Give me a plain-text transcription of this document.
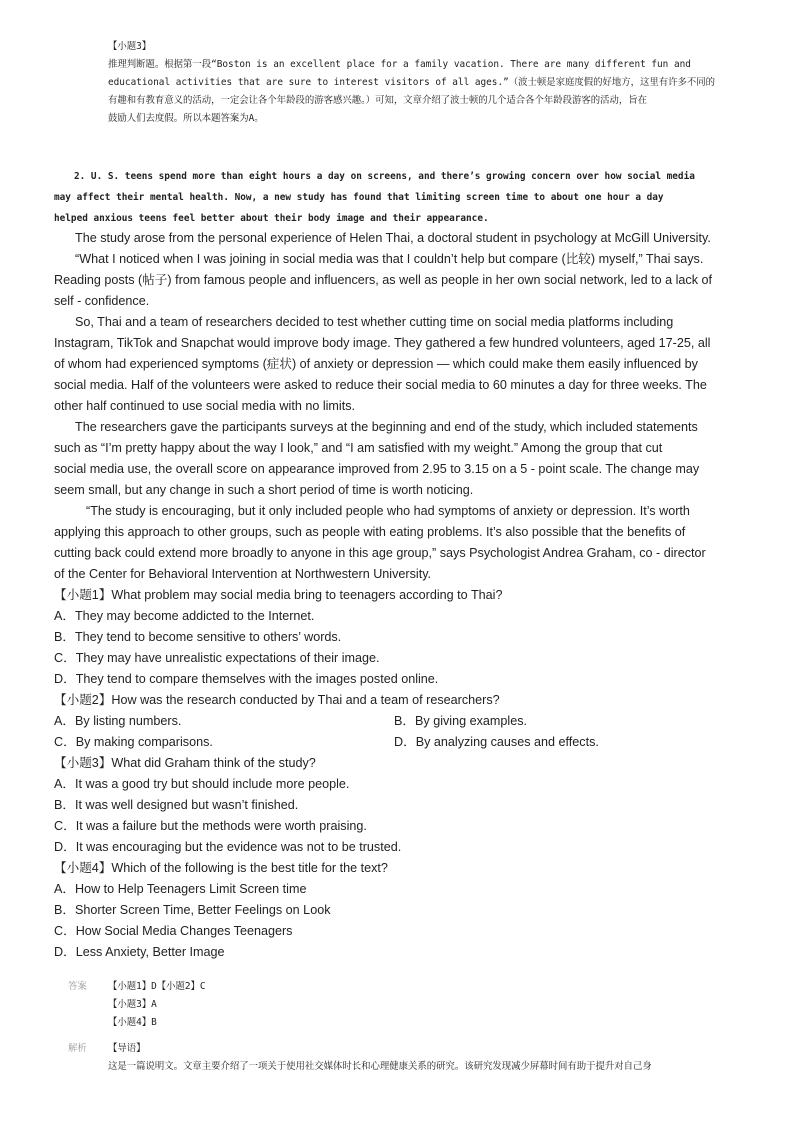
【小题3】
推理判断题。根据第一段“Boston is an excellent place for a family vacation. There are many different fun and
educational activities that are sure to interest visitors of all ages.”（波士顿是家庭度假的好地方，这里有许多不同的
有趣和有教育意义的活动，一定会让各个年龄段的游客感兴趣。）可知，文章介绍了波士顿的几个适合各个年龄段游客的活动，旨在
鼓励人们去度假。所以本题答案为A。
2. U. S. teens spend more than eight hours a day on screens, and there’s growing concern over how social media
may affect their mental health. Now, a new study has found that limiting screen time to about one hour a day
helped anxious teens feel better about their body image and their appearance.
The study arose from the personal experience of Helen Thai, a doctoral student in psychology at McGill University.
“What I noticed when I was joining in social media was that I couldn’t help but compare (比较) myself,” Thai says.
Reading posts (帖子) from famous people and influencers, as well as people in her own social network, led to a lack of
self - confidence.
So, Thai and a team of researchers decided to test whether cutting time on social media platforms including
Instagram, TikTok and Snapchat would improve body image. They gathered a few hundred volunteers, aged 17-25, all
of whom had experienced symptoms (症状) of anxiety or depression — which could make them easily influenced by
social media. Half of the volunteers were asked to reduce their social media to 60 minutes a day for three weeks. The
other half continued to use social media with no limits.
The researchers gave the participants surveys at the beginning and end of the study, which included statements
such as “I’m pretty happy about the way I look,” and “I am satisfied with my weight.” Among the group that cut
social media use, the overall score on appearance improved from 2.95 to 3.15 on a 5 - point scale. The change may
seem small, but any change in such a short period of time is worth noticing.
“The study is encouraging, but it only included people who had symptoms of anxiety or depression. It’s worth
applying this approach to other groups, such as people with eating problems. It’s also possible that the benefits of
cutting back could extend more broadly to anyone in this age group,” says Psychologist Andrea Graham, co - director
of the Center for Behavioral Intervention at Northwestern University.
【小题1】What problem may social media bring to teenagers according to Thai?
A．They may become addicted to the Internet.
B．They tend to become sensitive to others’ words.
C．They may have unrealistic expectations of their image.
D．They tend to compare themselves with the images posted online.
【小题2】How was the research conducted by Thai and a team of researchers?
A．By listing numbers.	B．By giving examples.
C．By making comparisons.	D．By analyzing causes and effects.
【小题3】What did Graham think of the study?
A．It was a good try but should include more people.
B．It was well designed but wasn’t finished.
C．It was a failure but the methods were worth praising.
D．It was encouraging but the evidence was not to be trusted.
【小题4】Which of the following is the best title for the text?
A．How to Help Teenagers Limit Screen time
B．Shorter Screen Time, Better Feelings on Look
C．How Social Media Changes Teenagers
D．Less Anxiety, Better Image
答案 【小题1】D【小题2】C
【小题3】A
【小题4】B
解析 【导语】
这是一篇说明文。文章主要介绍了一项关于使用社交媒体时长和心理健康关系的研究。该研究发现减少屏幕时间有助于提升对自己身
